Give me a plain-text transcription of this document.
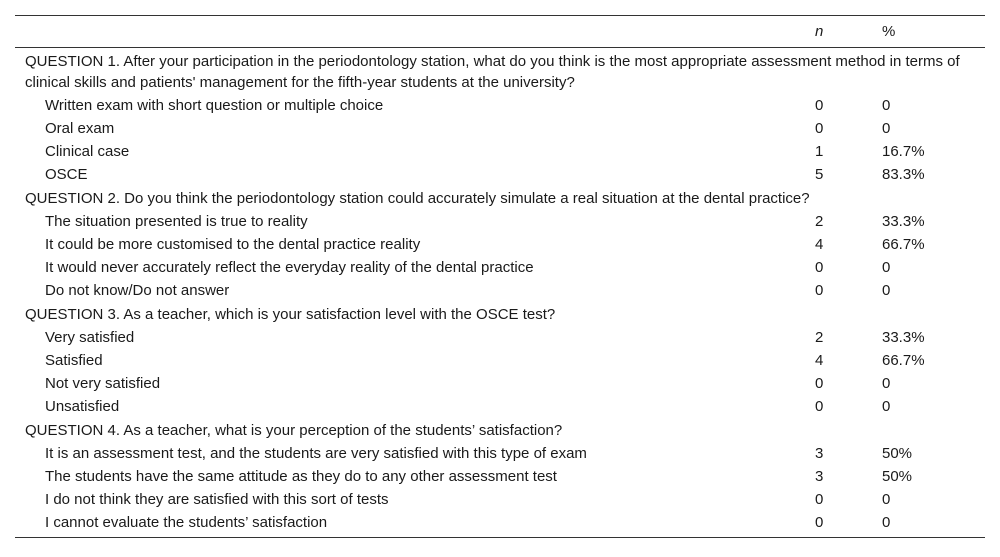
	n	%
QUESTION 1. After your participation in the periodontology station, what do you think is the most appropriate assessment method in terms of clinical skills and patients' management for the fifth-year students at the university?		
Written exam with short question or multiple choice	0	0
Oral exam	0	0
Clinical case	1	16.7%
OSCE	5	83.3%
QUESTION 2. Do you think the periodontology station could accurately simulate a real situation at the dental practice?		
The situation presented is true to reality	2	33.3%
It could be more customised to the dental practice reality	4	66.7%
It would never accurately reflect the everyday reality of the dental practice	0	0
Do not know/Do not answer	0	0
QUESTION 3. As a teacher, which is your satisfaction level with the OSCE test?		
Very satisfied	2	33.3%
Satisfied	4	66.7%
Not very satisfied	0	0
Unsatisfied	0	0
QUESTION 4. As a teacher, what is your perception of the students’ satisfaction?		
It is an assessment test, and the students are very satisfied with this type of exam	3	50%
The students have the same attitude as they do to any other assessment test	3	50%
I do not think they are satisfied with this sort of tests	0	0
I cannot evaluate the students’ satisfaction	0	0
